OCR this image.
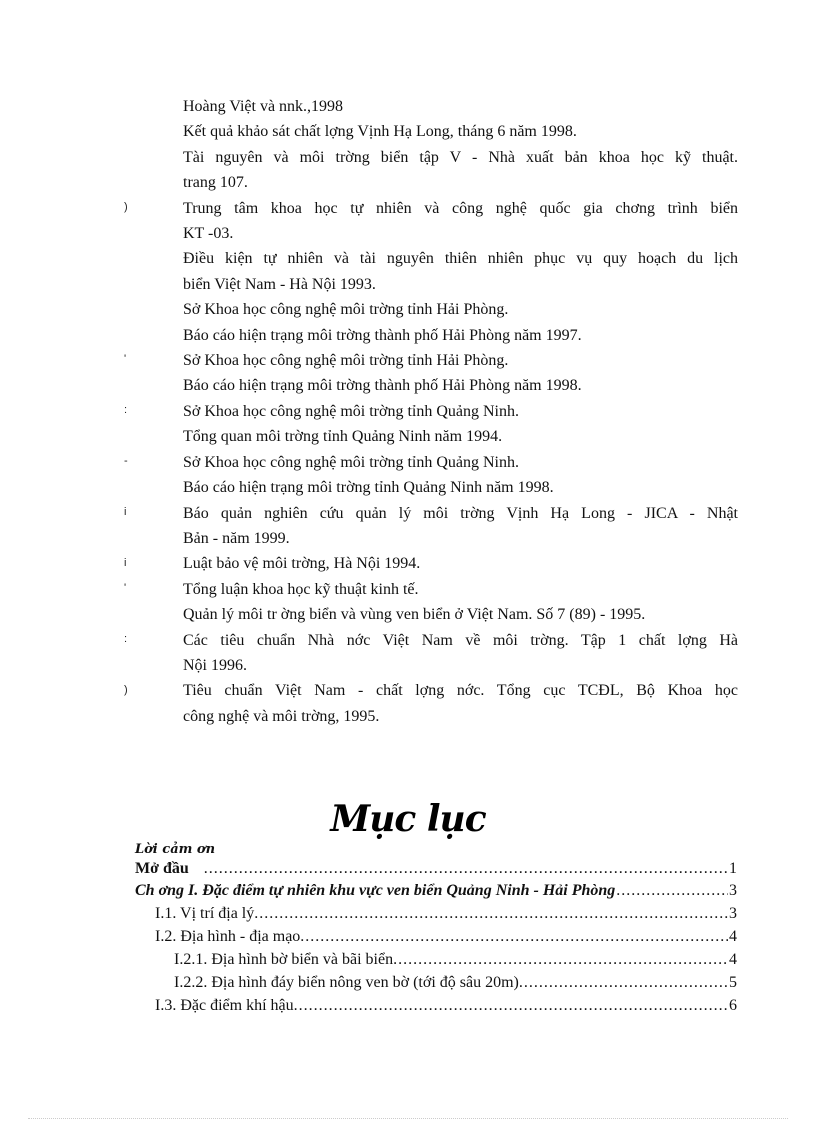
Hoàng Việt và nnk.,1998
Kết quả khảo sát chất lợng Vịnh Hạ Long, tháng 6 năm 1998.
Tài nguyên và môi trờng biển tập V - Nhà xuất bản khoa học kỹ thuật.
trang 107.
Trung tâm khoa học tự nhiên và công nghệ quốc gia chơng trình biển
KT -03.
Điều kiện tự nhiên và tài nguyên thiên nhiên phục vụ quy hoạch du lịch
biển Việt Nam - Hà Nội 1993.
Sở Khoa học công nghệ môi trờng tỉnh Hải Phòng.
Báo cáo hiện trạng môi trờng thành phố Hải Phòng năm 1997.
Sở Khoa học công nghệ môi trờng tỉnh Hải Phòng.
Báo cáo hiện trạng môi trờng thành phố Hải Phòng năm 1998.
Sở Khoa học công nghệ môi trờng tỉnh Quảng Ninh.
Tổng quan môi trờng tỉnh Quảng Ninh năm 1994.
Sở Khoa học công nghệ môi trờng tỉnh Quảng Ninh.
Báo cáo hiện trạng môi trờng tỉnh Quảng Ninh năm 1998.
Báo quản nghiên cứu quản lý môi trờng Vịnh Hạ Long - JICA - Nhật
Bản - năm 1999.
Luật bảo vệ môi trờng, Hà Nội 1994.
Tổng luận khoa học kỹ thuật kinh tế.
Quản lý môi tr ờng biển và vùng ven biển ở Việt Nam. Số 7 (89) - 1995.
Các tiêu chuẩn Nhà nớc Việt Nam về môi trờng. Tập 1 chất lợng Hà
Nội 1996.
Tiêu chuẩn Việt Nam - chất lợng nớc. Tổng cục TCĐL, Bộ Khoa học
công nghệ và môi trờng, 1995.
)
'
:
-
i
i
'
:
)
Mục lục
Lời cảm ơn
Mở đầu .....	1
Ch ơng I. Đặc điểm tự nhiên khu vực ven biển Quảng Ninh - Hải Phòng .....	3
I.1. Vị trí địa lý. .....	3
I.2. Địa hình - địa mạo. .....	4
I.2.1. Địa hình bờ biển và bãi biển. .....	4
I.2.2. Địa hình đáy biển nông ven bờ (tới độ sâu 20m). .....	5
I.3. Đặc điểm khí hậu. .....	6
